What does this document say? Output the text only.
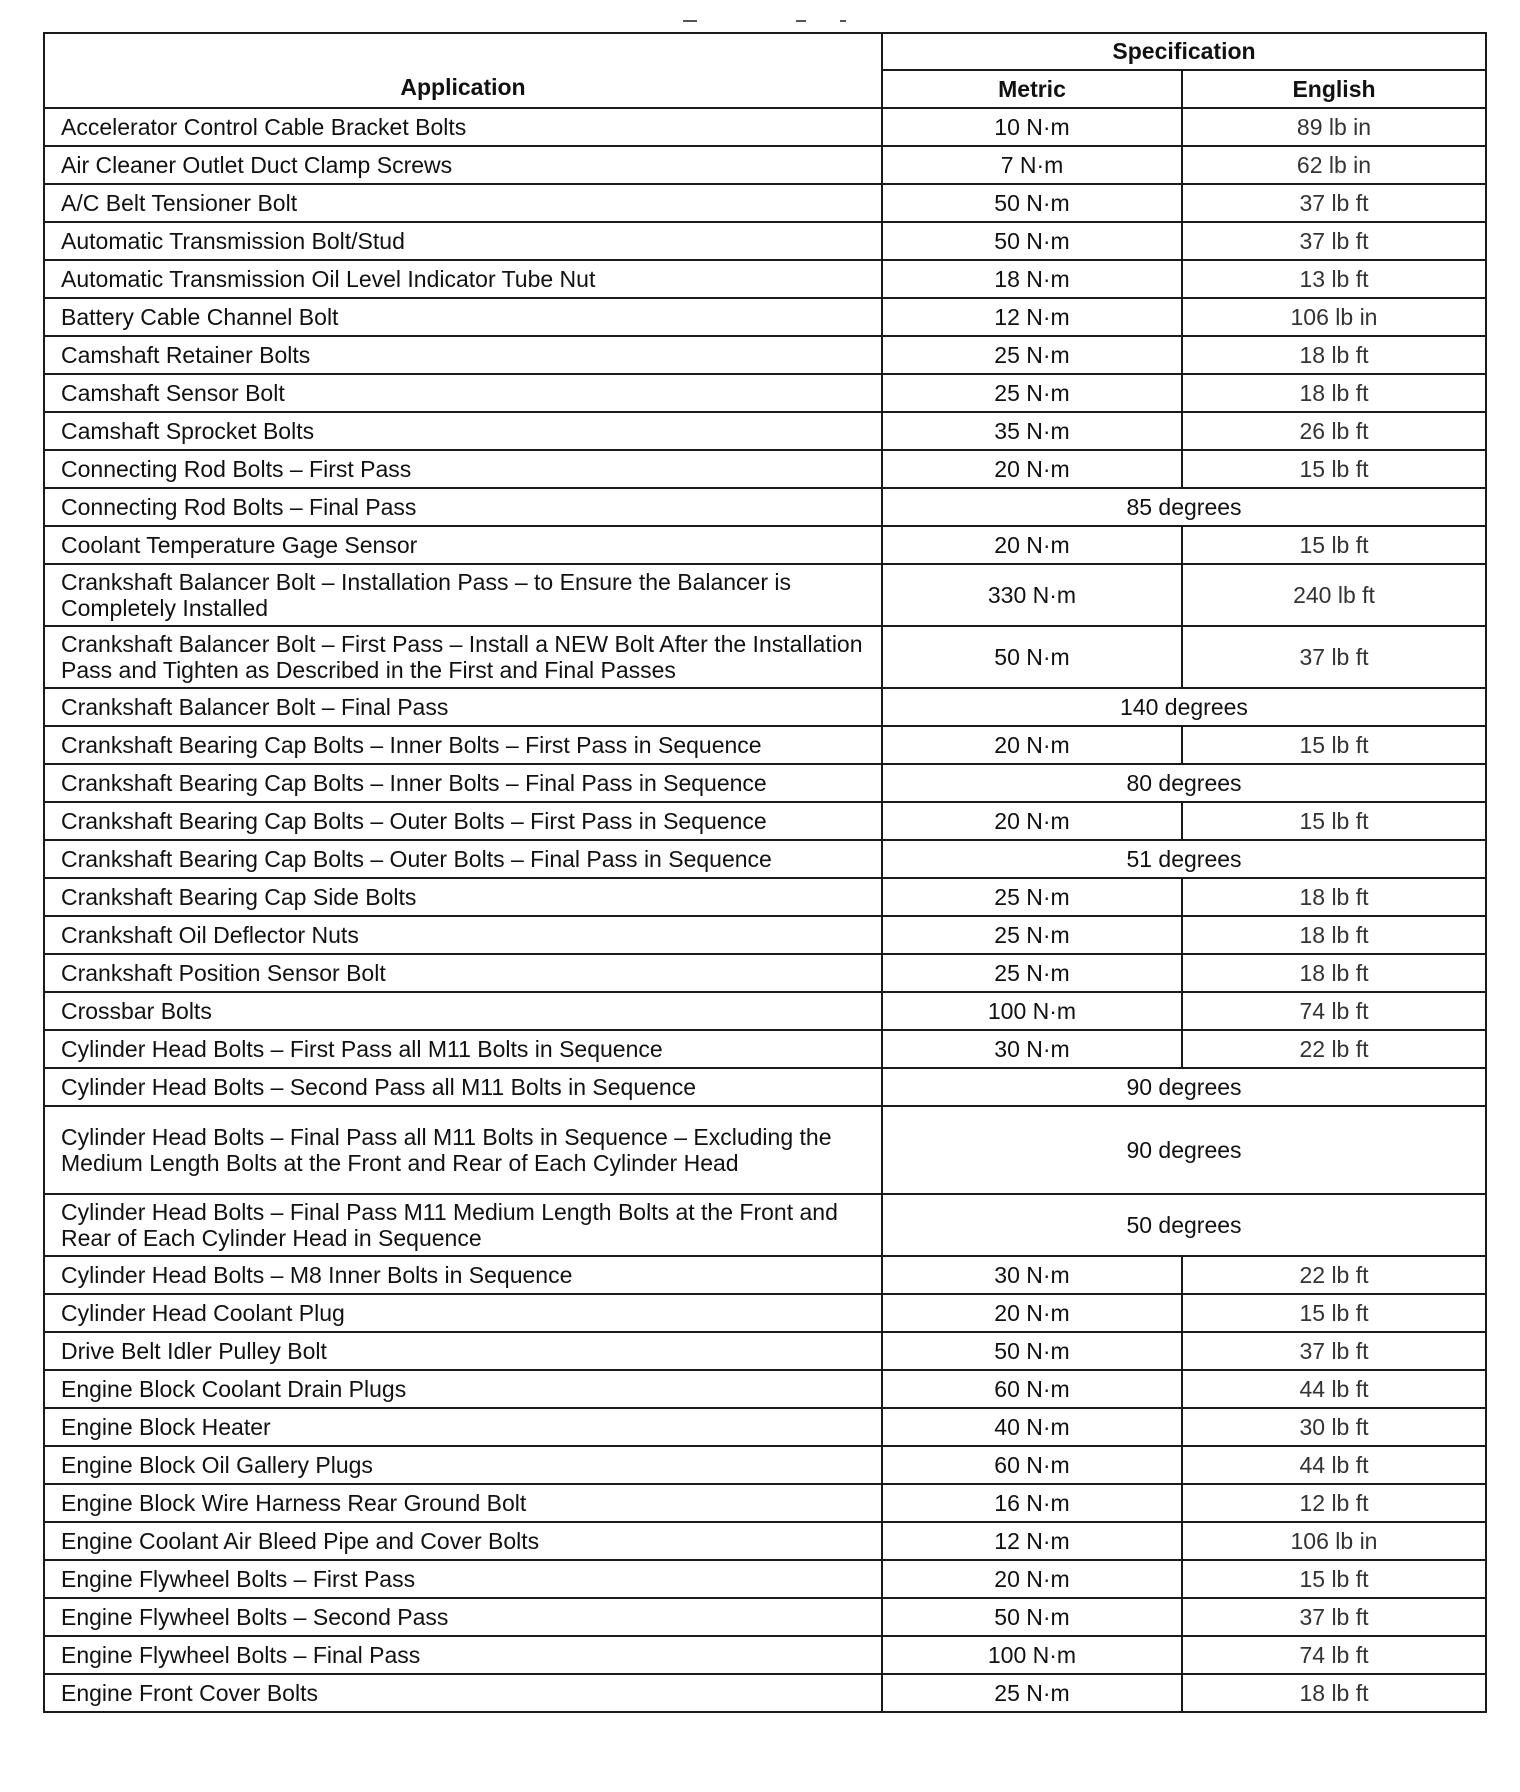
Application	Specification	
	Metric	English
Accelerator Control Cable Bracket Bolts	10 N·m	89 lb in
Air Cleaner Outlet Duct Clamp Screws	7 N·m	62 lb in
A/C Belt Tensioner Bolt	50 N·m	37 lb ft
Automatic Transmission Bolt/Stud	50 N·m	37 lb ft
Automatic Transmission Oil Level Indicator Tube Nut	18 N·m	13 lb ft
Battery Cable Channel Bolt	12 N·m	106 lb in
Camshaft Retainer Bolts	25 N·m	18 lb ft
Camshaft Sensor Bolt	25 N·m	18 lb ft
Camshaft Sprocket Bolts	35 N·m	26 lb ft
Connecting Rod Bolts – First Pass	20 N·m	15 lb ft
Connecting Rod Bolts – Final Pass	85 degrees	
Coolant Temperature Gage Sensor	20 N·m	15 lb ft
Crankshaft Balancer Bolt – Installation Pass – to Ensure the Balancer is Completely Installed	330 N·m	240 lb ft
Crankshaft Balancer Bolt – First Pass – Install a NEW Bolt After the Installation Pass and Tighten as Described in the First and Final Passes	50 N·m	37 lb ft
Crankshaft Balancer Bolt – Final Pass	140 degrees	
Crankshaft Bearing Cap Bolts – Inner Bolts – First Pass in Sequence	20 N·m	15 lb ft
Crankshaft Bearing Cap Bolts – Inner Bolts – Final Pass in Sequence	80 degrees	
Crankshaft Bearing Cap Bolts – Outer Bolts – First Pass in Sequence	20 N·m	15 lb ft
Crankshaft Bearing Cap Bolts – Outer Bolts – Final Pass in Sequence	51 degrees	
Crankshaft Bearing Cap Side Bolts	25 N·m	18 lb ft
Crankshaft Oil Deflector Nuts	25 N·m	18 lb ft
Crankshaft Position Sensor Bolt	25 N·m	18 lb ft
Crossbar Bolts	100 N·m	74 lb ft
Cylinder Head Bolts – First Pass all M11 Bolts in Sequence	30 N·m	22 lb ft
Cylinder Head Bolts – Second Pass all M11 Bolts in Sequence	90 degrees	
Cylinder Head Bolts – Final Pass all M11 Bolts in Sequence – Excluding the Medium Length Bolts at the Front and Rear of Each Cylinder Head	90 degrees	
Cylinder Head Bolts – Final Pass M11 Medium Length Bolts at the Front and Rear of Each Cylinder Head in Sequence	50 degrees	
Cylinder Head Bolts – M8 Inner Bolts in Sequence	30 N·m	22 lb ft
Cylinder Head Coolant Plug	20 N·m	15 lb ft
Drive Belt Idler Pulley Bolt	50 N·m	37 lb ft
Engine Block Coolant Drain Plugs	60 N·m	44 lb ft
Engine Block Heater	40 N·m	30 lb ft
Engine Block Oil Gallery Plugs	60 N·m	44 lb ft
Engine Block Wire Harness Rear Ground Bolt	16 N·m	12 lb ft
Engine Coolant Air Bleed Pipe and Cover Bolts	12 N·m	106 lb in
Engine Flywheel Bolts – First Pass	20 N·m	15 lb ft
Engine Flywheel Bolts – Second Pass	50 N·m	37 lb ft
Engine Flywheel Bolts – Final Pass	100 N·m	74 lb ft
Engine Front Cover Bolts	25 N·m	18 lb ft
